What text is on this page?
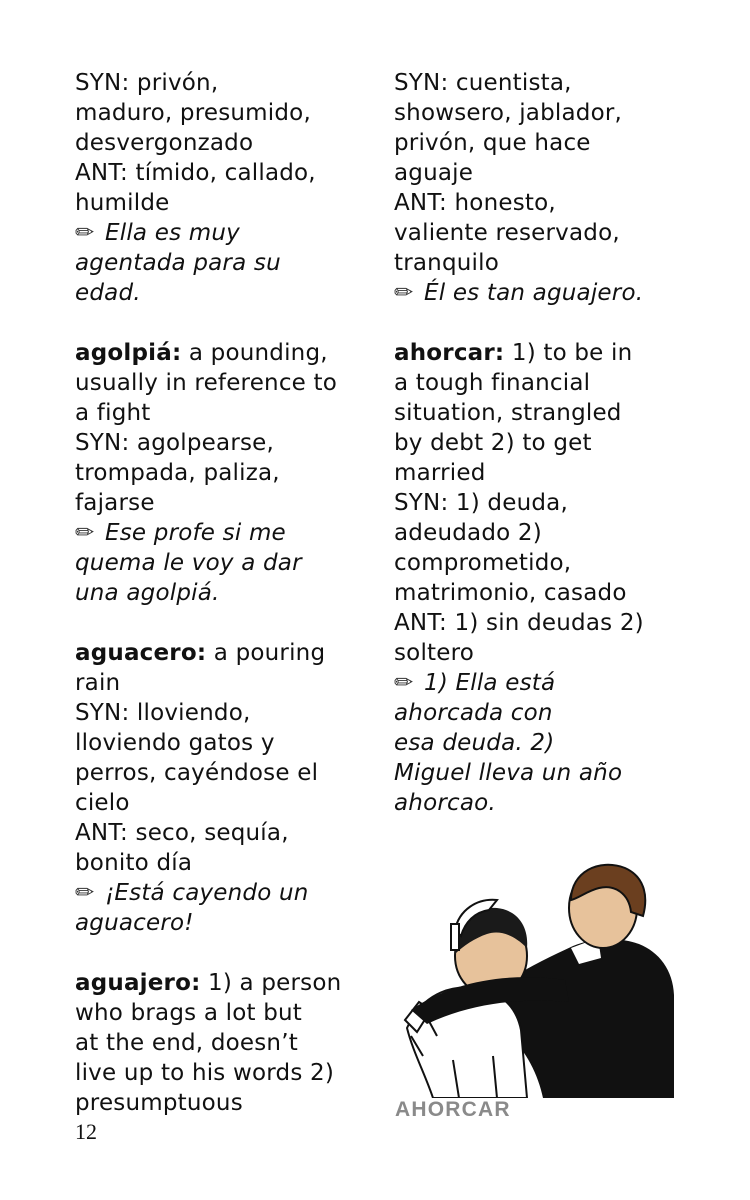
SYN: privón,
maduro, presumido,
desvergonzado
ANT: tímido, callado,
humilde
✏ Ella es muy
agentada para su
edad.
agolpiá: a pounding,
usually in reference to
a fight
SYN: agolpearse,
trompada, paliza,
fajarse
✏ Ese profe si me
quema le voy a dar
una agolpiá.
aguacero: a pouring
rain
SYN: lloviendo,
lloviendo gatos y
perros, cayéndose el
cielo
ANT: seco, sequía,
bonito día
✏ ¡Está cayendo un
aguacero!
aguajero: 1) a person
who brags a lot but
at the end, doesn’t
live up to his words 2)
presumptuous
SYN: cuentista,
showsero, jablador,
privón, que hace
aguaje
ANT: honesto,
valiente reservado,
tranquilo
✏ Él es tan aguajero.
ahorcar: 1) to be in
a tough financial
situation, strangled
by debt 2) to get
married
SYN: 1) deuda,
adeudado 2)
comprometido,
matrimonio, casado
ANT: 1) sin deudas 2)
soltero
✏ 1) Ella está
ahorcada con
esa deuda. 2)
Miguel lleva un año
ahorcao.
AHORCAR
12
